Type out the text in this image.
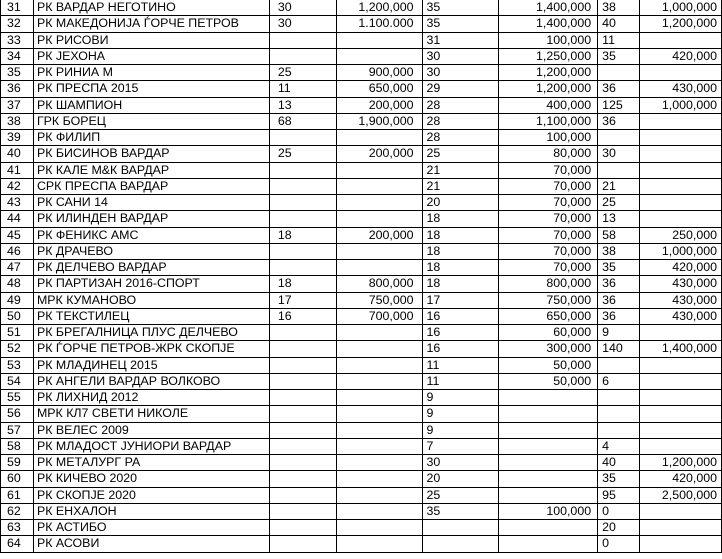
31	РК ВАРДАР НЕГОТИНО	30	1,200,000	35	1,400,000	38	1,000,000
32	РК МАКЕДОНИЈА ЃОРЧЕ ПЕТРОВ	30	1.100.000	35	1,400,000	40	1,200,000
33	РК РИСОВИ			31	100,000	11	
34	РК ЈЕХОНА			30	1,250,000	35	420,000
35	РК РИНИА М	25	900,000	30	1,200,000		
36	РК ПРЕСПА 2015	11	650,000	29	1,200,000	36	430,000
37	РК ШАМПИОН	13	200,000	28	400,000	125	1,000,000
38	ГРК БОРЕЦ	68	1,900,000	28	1,100,000	36	
39	РК ФИЛИП			28	100,000		
40	РК БИСИНОВ ВАРДАР	25	200,000	25	80,000	30	
41	РК КАЛЕ М&К ВАРДАР			21	70,000		
42	СРК ПРЕСПА ВАРДАР			21	70,000	21	
43	РК САНИ 14			20	70,000	25	
44	РК ИЛИНДЕН ВАРДАР			18	70,000	13	
45	РК ФЕНИКС АМС	18	200,000	18	70,000	58	250,000
46	РК ДРАЧЕВО			18	70,000	38	1,000,000
47	РК ДЕЛЧЕВО ВАРДАР			18	70,000	35	420,000
48	РК ПАРТИЗАН 2016-СПОРТ	18	800,000	18	800,000	36	430,000
49	МРК КУМАНОВО	17	750,000	17	750,000	36	430,000
50	РК ТЕКСТИЛЕЦ	16	700,000	16	650,000	36	430,000
51	РК БРЕГАЛНИЦА ПЛУС ДЕЛЧЕВО			16	60,000	9	
52	РК ЃОРЧЕ ПЕТРОВ-ЖРК СКОПЈЕ			16	300,000	140	1,400,000
53	РК МЛАДИНЕЦ 2015			11	50,000		
54	РК АНГЕЛИ ВАРДАР ВОЛКОВО			11	50,000	6	
55	РК ЛИХНИД 2012			9			
56	МРК КЛ7 СВЕТИ НИКОЛЕ			9			
57	РК ВЕЛЕС 2009			9			
58	РК МЛАДОСТ ЈУНИОРИ ВАРДАР			7		4	
59	РК МЕТАЛУРГ РА			30		40	1,200,000
60	РК КИЧЕВО 2020			20		35	420,000
61	РК СКОПЈЕ 2020			25		95	2,500,000
62	РК ЕНХАЛОН			35	100,000	0	
63	РК АСТИБО					20	
64	РК АСОВИ					0	
